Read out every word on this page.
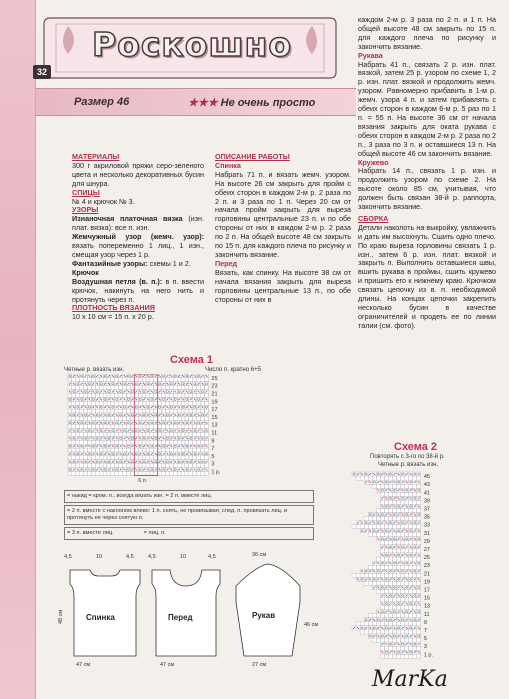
Роскошно
32
Размер 46	★★★ Не очень просто
МАТЕРИАЛЫ
300 г акриловой пряжи серо-зеленого цвета и несколько декоративных бусин для шнура.
СПИЦЫ
№ 4 и крючок № 3.
УЗОРЫ
Изнаночная платочная вязка (изн. плат. вязка): все п. изн.
Жемчужный узор (жемч. узор): вязать попеременно 1 лиц., 1 изн., смещая узор через 1 р.
Фантазийные узоры: схемы 1 и 2.
Крючок
Воздушная петля (в. п.): в п. ввести крючок, накинуть на него нить и протянуть через п.
ПЛОТНОСТЬ ВЯЗАНИЯ
10 x 10 см = 15 п. х 20 р.
ОПИСАНИЕ РАБОТЫ
Спинка
Набрать 71 п. и вязать жемч. узором. На высоте 26 см закрыть для пройм с обеих сторон в каждом 2-м р. 2 раза по 2 п. и 3 раза по 1 п. Через 20 см от начала пройм закрыть для выреза горловины центральные 23 п. и по обе стороны от них в каждом 2-м р. 2 раза по 2 п. На общей высоте 48 см закрыть по 15 п. для каждого плеча по рисунку и закончить вязание.
Перед
Вязать, как спинку. На высоте 38 см от начала вязания закрыть для выреза горловины центральные 13 п., по обе стороны от них в
каждом 2-м р. 3 раза по 2 п. и 1 п. На общей высоте 48 см закрыть по 15 п. для каждого плеча по рисунку и закончить вязание.
Рукава
Набрать 41 п., связать 2 р. изн. плат. вязкой, затем 25 р. узором по схеме 1, 2 р. изн. плат. вязкой и продолжить жемч. узором. Равномерно прибавить в 1-м р. жемч. узора 4 п. и затем прибавлять с обеих сторон в каждом 6-м р. 5 раз по 1 п. = 55 п. На высоте 36 см от начала вязания закрыть для оката рукава с обеих сторон в каждом 2-м р. 2 раза по 2 п., 3 раза по 3 п. и оставшиеся 13 п. На общей высоте 46 см закончить вязание.
Кружево
Набрать 14 п., связать 1 р. изн. и продолжить узором по схеме 2. На высоте около 85 см, учитывая, что должен быть связан 38-й р. раппорта, закончить вязание.
СБОРКА
Детали наколоть на выкройку, увлажнить и дать им высохнуть. Сшить одно плечо. По краю выреза горловины связать 1 р. изн., затем 6 р. изн. плат. вязкой и закрыть п. Выполнить оставшиеся швы, вшить рукава в проймы, сшить кружево и пришить его к нижнему краю. Крючком связать цепочку из в. п. необходимой длины. На концах цепочки закрепить несколько бусин в качестве ограничителей и продеть ее по линии талии (см. фото).
Схема 1
Четные р. вязать изн.	Число п. кратно 6+5
25
23
21
19
17
15
13
11
9
7
5
3
1 р.
6 п.
= накид = кром. п., всегда вязать изн. = 2 п. вместе лиц.
= 2 п. вместе с наклоном влево: 1 п. снять, не провязывая, след. п. провязать лиц. и протянуть ее через снятую п.
= 3 п. вместе лиц.	= лиц. п.
Схема 2
Повторять с 3-го по 38-й р.
Четные р. вязать изн.
45
43
41
39
37
35
33
31
29
27
25
23
21
19
17
15
13
11
9
7
5
3
1 р.
Спинка
47 см
48 см
4,5	10	4,5
Перед
47 см
4,5	10	4,5
Рукав
36 см
27 см
46 см
MarKa
